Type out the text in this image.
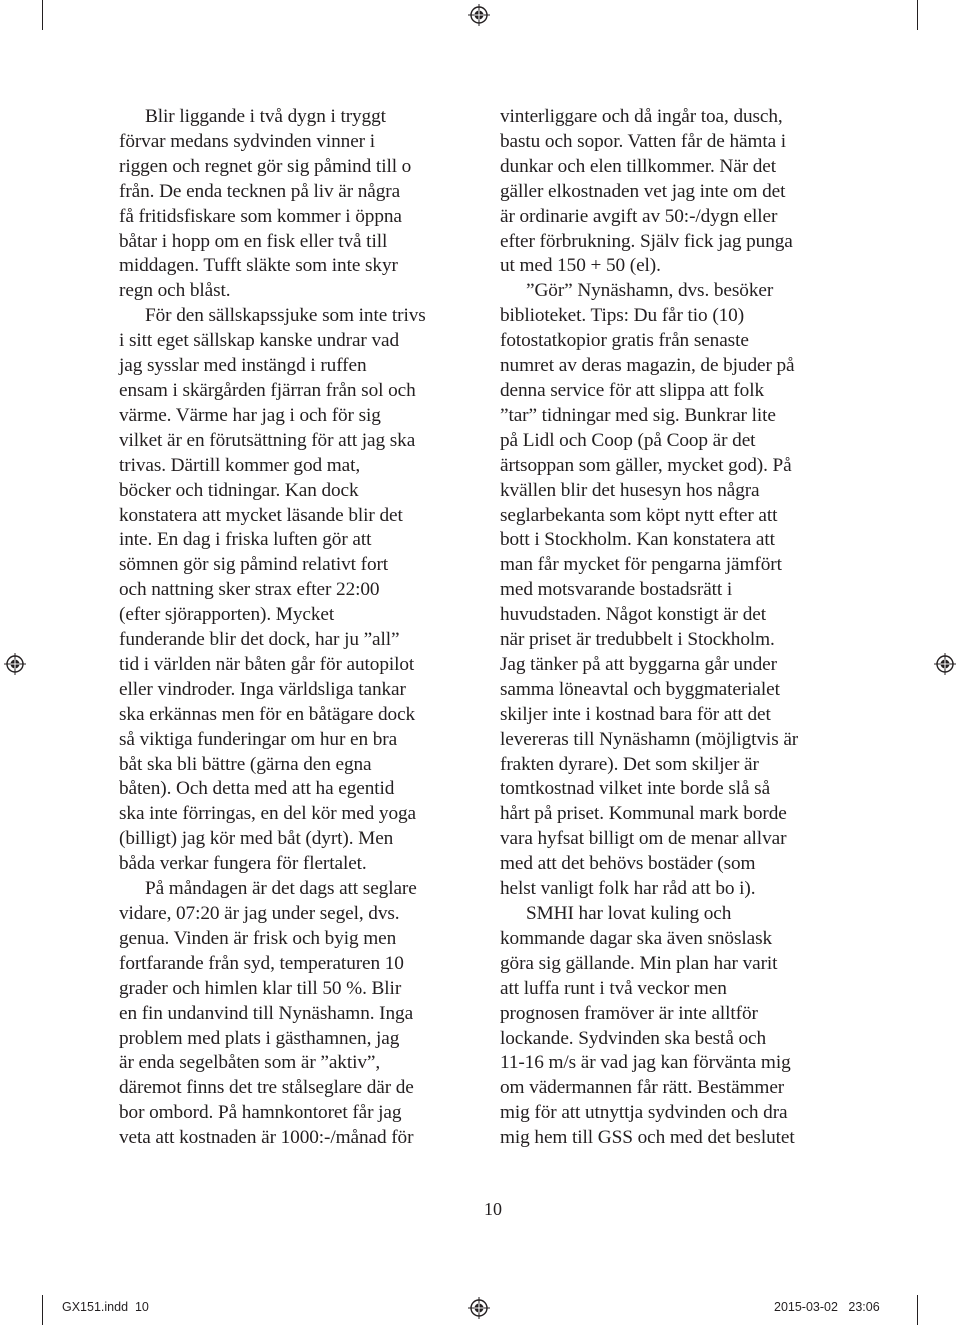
Blir liggande i två dygn i tryggt
förvar medans sydvinden vinner i
riggen och regnet gör sig påmind till o
från. De enda tecknen på liv är några
få fritidsfiskare som kommer i öppna
båtar i hopp om en fisk eller två till
middagen. Tufft släkte som inte skyr
regn och blåst.

För den sällskapssjuke som inte trivs
i sitt eget sällskap kanske undrar vad
jag sysslar med instängd i ruffen
ensam i skärgården fjärran från sol och
värme. Värme har jag i och för sig
vilket är en förutsättning för att jag ska
trivas. Därtill kommer god mat,
böcker och tidningar. Kan dock
konstatera att mycket läsande blir det
inte. En dag i friska luften gör att
sömnen gör sig påmind relativt fort
och nattning sker strax efter 22:00
(efter sjörapporten). Mycket
funderande blir det dock, har ju ”all”
tid i världen när båten går för autopilot
eller vindroder. Inga världsliga tankar
ska erkännas men för en båtägare dock
så viktiga funderingar om hur en bra
båt ska bli bättre (gärna den egna
båten). Och detta med att ha egentid
ska inte förringas, en del kör med yoga
(billigt) jag kör med båt (dyrt). Men
båda verkar fungera för flertalet.

På måndagen är det dags att seglare
vidare, 07:20 är jag under segel, dvs.
genua. Vinden är frisk och byig men
fortfarande från syd, temperaturen 10
grader och himlen klar till 50 %. Blir
en fin undanvind till Nynäshamn. Inga
problem med plats i gästhamnen, jag
är enda segelbåten som är ”aktiv”,
däremot finns det tre stålseglare där de
bor ombord. På hamnkontoret får jag
veta att kostnaden är 1000:-/månad för

vinterliggare och då ingår toa, dusch,
bastu och sopor. Vatten får de hämta i
dunkar och elen tillkommer. När det
gäller elkostnaden vet jag inte om det
är ordinarie avgift av 50:-/dygn eller
efter förbrukning. Själv fick jag punga
ut med 150 + 50 (el).

”Gör” Nynäshamn, dvs. besöker
biblioteket. Tips: Du får tio (10)
fotostatkopior gratis från senaste
numret av deras magazin, de bjuder på
denna service för att slippa att folk
”tar” tidningar med sig. Bunkrar lite
på Lidl och Coop (på Coop är det
ärtsoppan som gäller, mycket god). På
kvällen blir det husesyn hos några
seglarbekanta som köpt nytt efter att
bott i Stockholm. Kan konstatera att
man får mycket för pengarna jämfört
med motsvarande bostadsrätt i
huvudstaden. Något konstigt är det
när priset är tredubbelt i Stockholm.
Jag tänker på att byggarna går under
samma löneavtal och byggmaterialet
skiljer inte i kostnad bara för att det
levereras till Nynäshamn (möjligtvis är
frakten dyrare). Det som skiljer är
tomtkostnad vilket inte borde slå så
hårt på priset. Kommunal mark borde
vara hyfsat billigt om de menar allvar
med att det behövs bostäder (som
helst vanligt folk har råd att bo i).

SMHI har lovat kuling och
kommande dagar ska även snöslask
göra sig gällande. Min plan har varit
att luffa runt i två veckor men
prognosen framöver är inte alltför
lockande. Sydvinden ska bestå och
11-16 m/s är vad jag kan förvänta mig
om vädermannen får rätt. Bestämmer
mig för att utnyttja sydvinden och dra
mig hem till GSS och med det beslutet

10
GX151.indd 10	2015-03-02 23:06
